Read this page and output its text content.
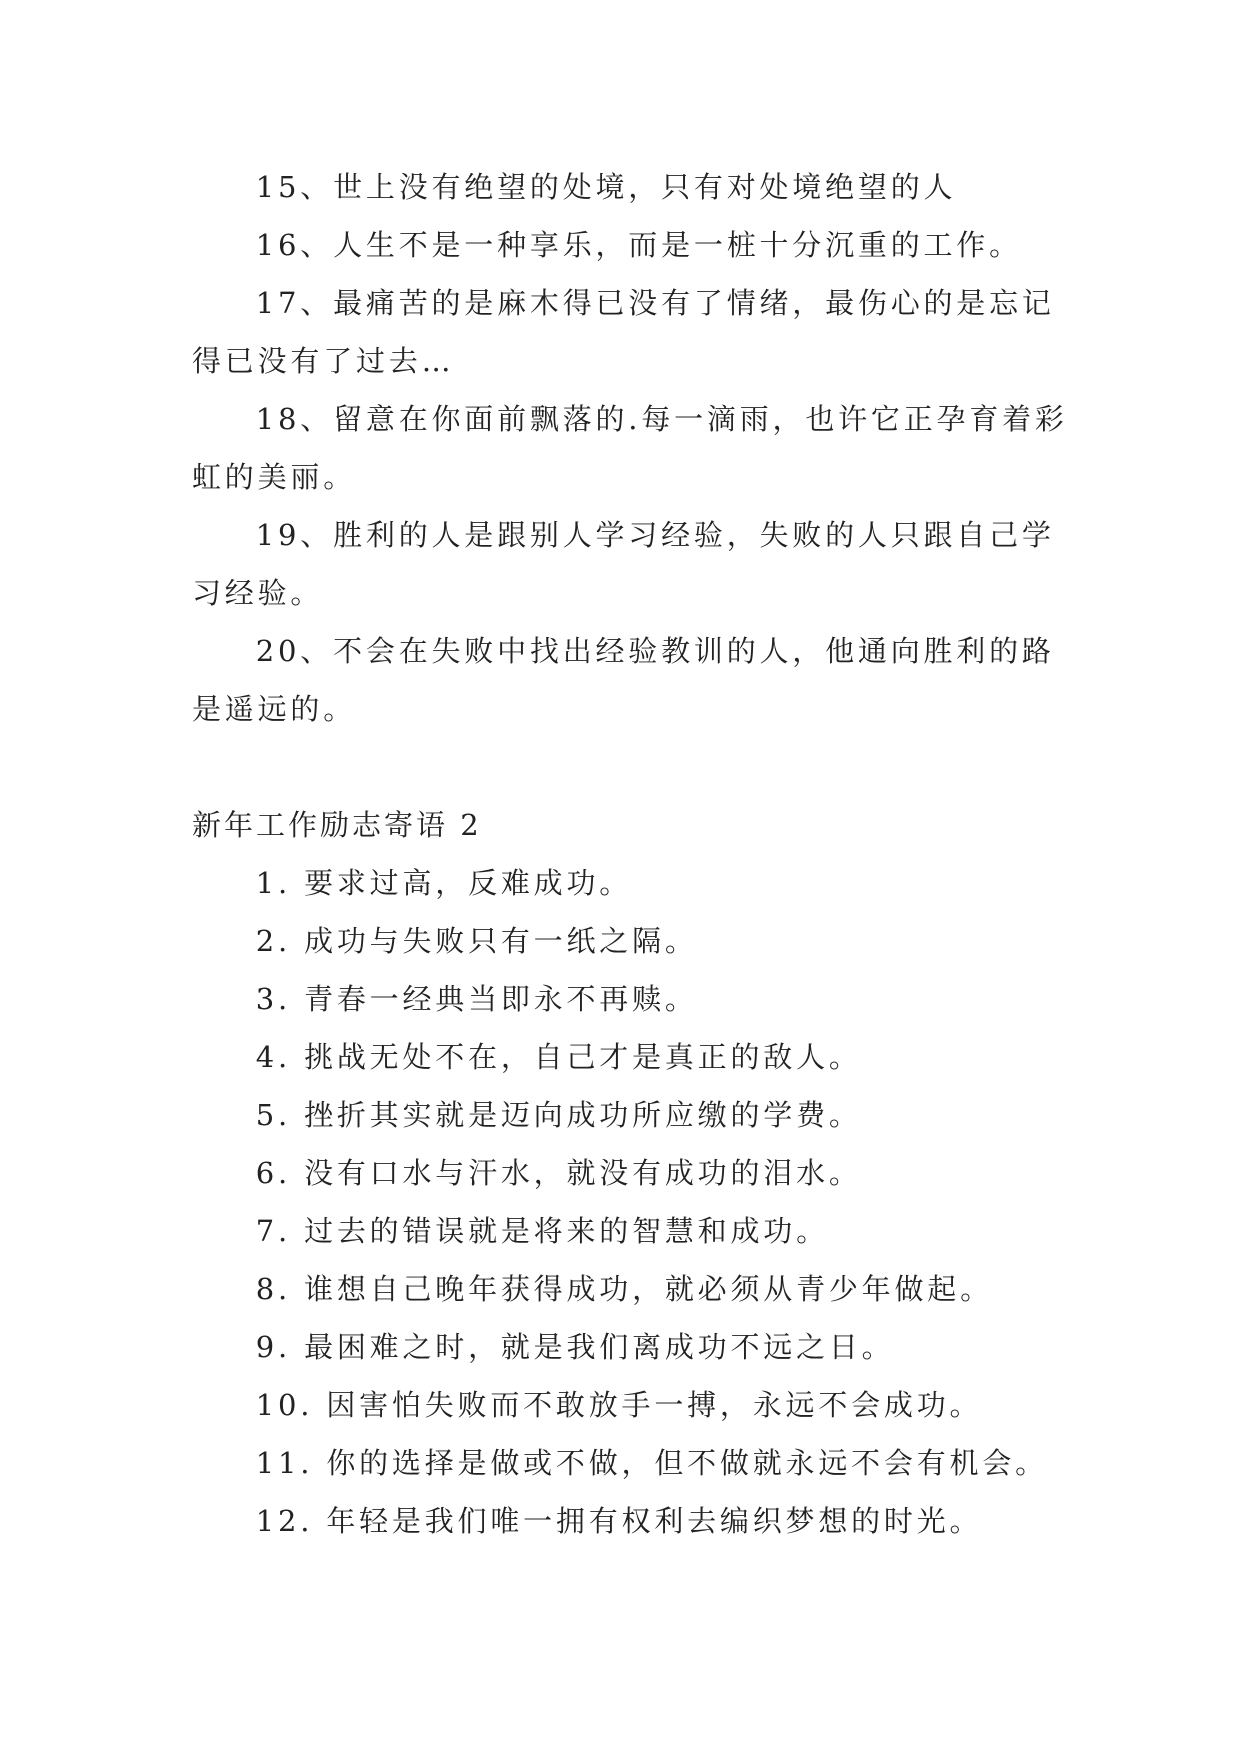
15、世上没有绝望的处境，只有对处境绝望的人

16、人生不是一种享乐，而是一桩十分沉重的工作。

17、最痛苦的是麻木得已没有了情绪，最伤心的是忘记得已没有了过去…

18、留意在你面前飘落的.每一滴雨，也许它正孕育着彩虹的美丽。

19、胜利的人是跟别人学习经验，失败的人只跟自己学习经验。

20、不会在失败中找出经验教训的人，他通向胜利的路是遥远的。

新年工作励志寄语 2

1. 要求过高，反难成功。

2. 成功与失败只有一纸之隔。

3. 青春一经典当即永不再赎。

4. 挑战无处不在，自己才是真正的敌人。

5. 挫折其实就是迈向成功所应缴的学费。

6. 没有口水与汗水，就没有成功的泪水。

7. 过去的错误就是将来的智慧和成功。

8. 谁想自己晚年获得成功，就必须从青少年做起。

9. 最困难之时，就是我们离成功不远之日。

10. 因害怕失败而不敢放手一搏，永远不会成功。

11. 你的选择是做或不做，但不做就永远不会有机会。

12. 年轻是我们唯一拥有权利去编织梦想的时光。
